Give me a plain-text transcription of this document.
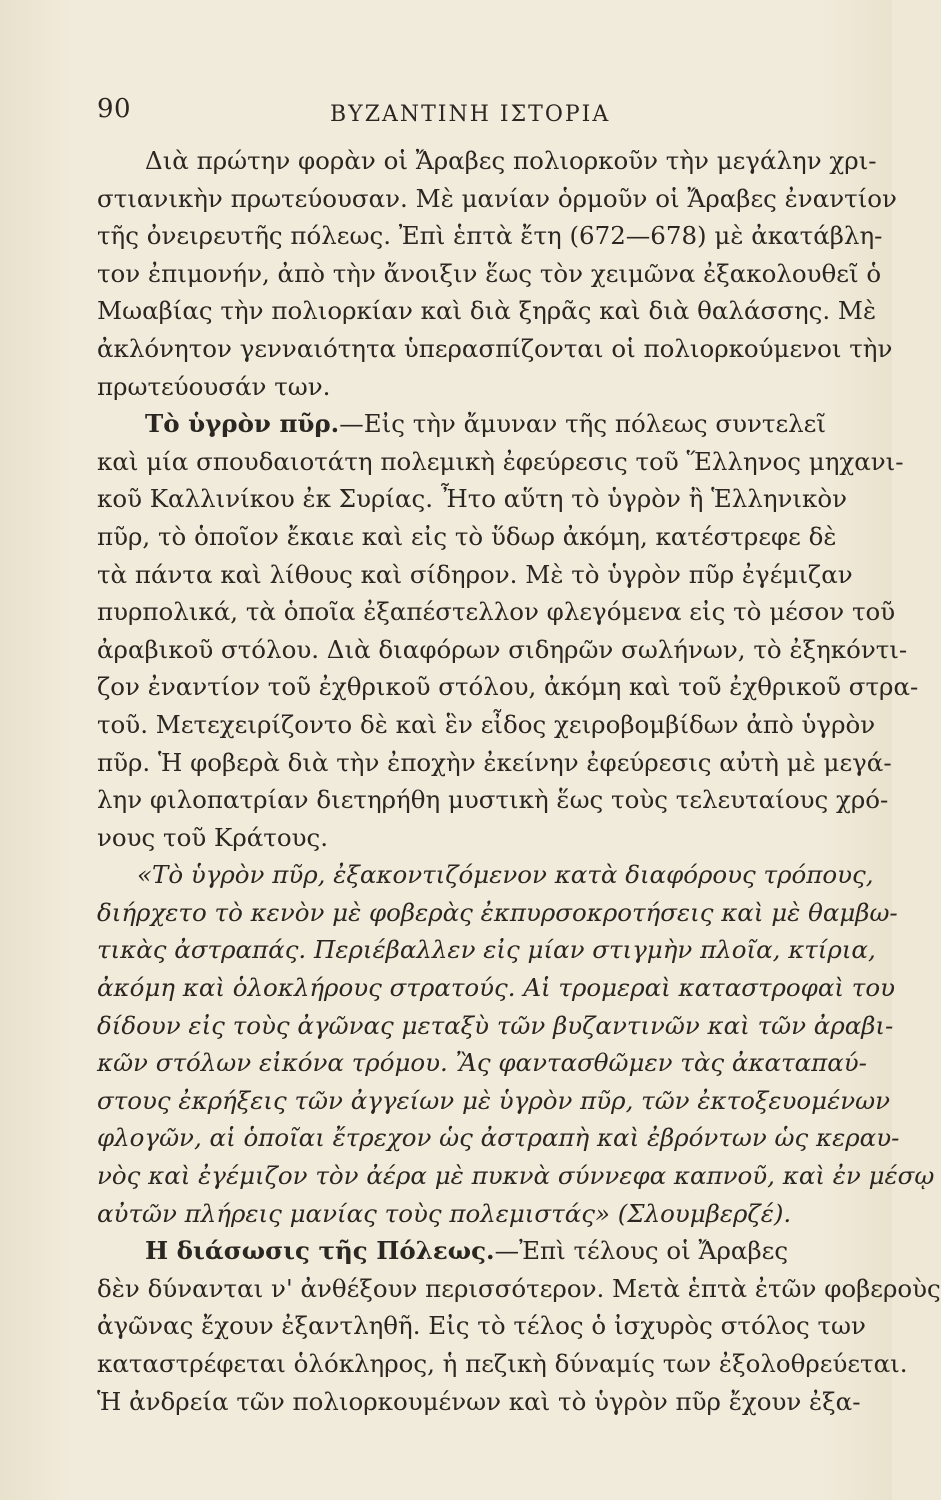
90	ΒΥΖΑΝΤΙΝΗ ΙΣΤΟΡΙΑ
Διὰ πρώτην φορὰν οἱ Ἄραβες πολιορκοῦν τὴν μεγάλην χρι-
στιανικὴν πρωτεύουσαν. Μὲ μανίαν ὁρμοῦν οἱ Ἄραβες ἐναντίον
τῆς ὀνειρευτῆς πόλεως. Ἐπὶ ἑπτὰ ἔτη (672—678) μὲ ἀκατάβλη-
τον ἐπιμονήν, ἀπὸ τὴν ἄνοιξιν ἕως τὸν χειμῶνα ἐξακολουθεῖ ὁ
Μωαβίας τὴν πολιορκίαν καὶ διὰ ξηρᾶς καὶ διὰ θαλάσσης. Μὲ
ἀκλόνητον γενναιότητα ὑπερασπίζονται οἱ πολιορκούμενοι τὴν
πρωτεύουσάν των.
Τὸ ὑγρὸν πῦρ.—Εἰς τὴν ἄμυναν τῆς πόλεως συντελεῖ
καὶ μία σπουδαιοτάτη πολεμικὴ ἐφεύρεσις τοῦ Ἕλληνος μηχανι-
κοῦ Καλλινίκου ἐκ Συρίας. Ἦτο αὕτη τὸ ὑγρὸν ἢ Ἑλληνικὸν
πῦρ, τὸ ὁποῖον ἔκαιε καὶ εἰς τὸ ὕδωρ ἀκόμη, κατέστρεφε δὲ
τὰ πάντα καὶ λίθους καὶ σίδηρον. Μὲ τὸ ὑγρὸν πῦρ ἐγέμιζαν
πυρπολικά, τὰ ὁποῖα ἐξαπέστελλον φλεγόμενα εἰς τὸ μέσον τοῦ
ἀραβικοῦ στόλου. Διὰ διαφόρων σιδηρῶν σωλήνων, τὸ ἐξηκόντι-
ζον ἐναντίον τοῦ ἐχθρικοῦ στόλου, ἀκόμη καὶ τοῦ ἐχθρικοῦ στρα-
τοῦ. Μετεχειρίζοντο δὲ καὶ ἓν εἶδος χειροβομβίδων ἀπὸ ὑγρὸν
πῦρ. Ἡ φοβερὰ διὰ τὴν ἐποχὴν ἐκείνην ἐφεύρεσις αὐτὴ μὲ μεγά-
λην φιλοπατρίαν διετηρήθη μυστικὴ ἕως τοὺς τελευταίους χρό-
νους τοῦ Κράτους.
«Τὸ ὑγρὸν πῦρ, ἐξακοντιζόμενον κατὰ διαφόρους τρόπους,
διήρχετο τὸ κενὸν μὲ φοβερὰς ἐκπυρσοκροτήσεις καὶ μὲ θαμβω-
τικὰς ἀστραπάς. Περιέβαλλεν εἰς μίαν στιγμὴν πλοῖα, κτίρια,
ἀκόμη καὶ ὁλοκλήρους στρατούς. Αἱ τρομεραὶ καταστροφαὶ του
δίδουν εἰς τοὺς ἀγῶνας μεταξὺ τῶν βυζαντινῶν καὶ τῶν ἀραβι-
κῶν στόλων εἰκόνα τρόμου. Ἂς φαντασθῶμεν τὰς ἀκαταπαύ-
στους ἐκρήξεις τῶν ἀγγείων μὲ ὑγρὸν πῦρ, τῶν ἐκτοξευομένων
φλογῶν, αἱ ὁποῖαι ἔτρεχον ὡς ἀστραπὴ καὶ ἐβρόντων ὡς κεραυ-
νὸς καὶ ἐγέμιζον τὸν ἀέρα μὲ πυκνὰ σύννεφα καπνοῦ, καὶ ἐν μέσῳ
αὐτῶν πλήρεις μανίας τοὺς πολεμιστάς» (Σλουμβερζέ).
Η διάσωσις τῆς Πόλεως.—Ἐπὶ τέλους οἱ Ἄραβες
δὲν δύνανται ν' ἀνθέξουν περισσότερον. Μετὰ ἑπτὰ ἐτῶν φοβεροὺς
ἀγῶνας ἔχουν ἐξαντληθῆ. Εἰς τὸ τέλος ὁ ἰσχυρὸς στόλος των
καταστρέφεται ὁλόκληρος, ἡ πεζικὴ δύναμίς των ἐξολοθρεύεται.
Ἡ ἀνδρεία τῶν πολιορκουμένων καὶ τὸ ὑγρὸν πῦρ ἔχουν ἐξα-
